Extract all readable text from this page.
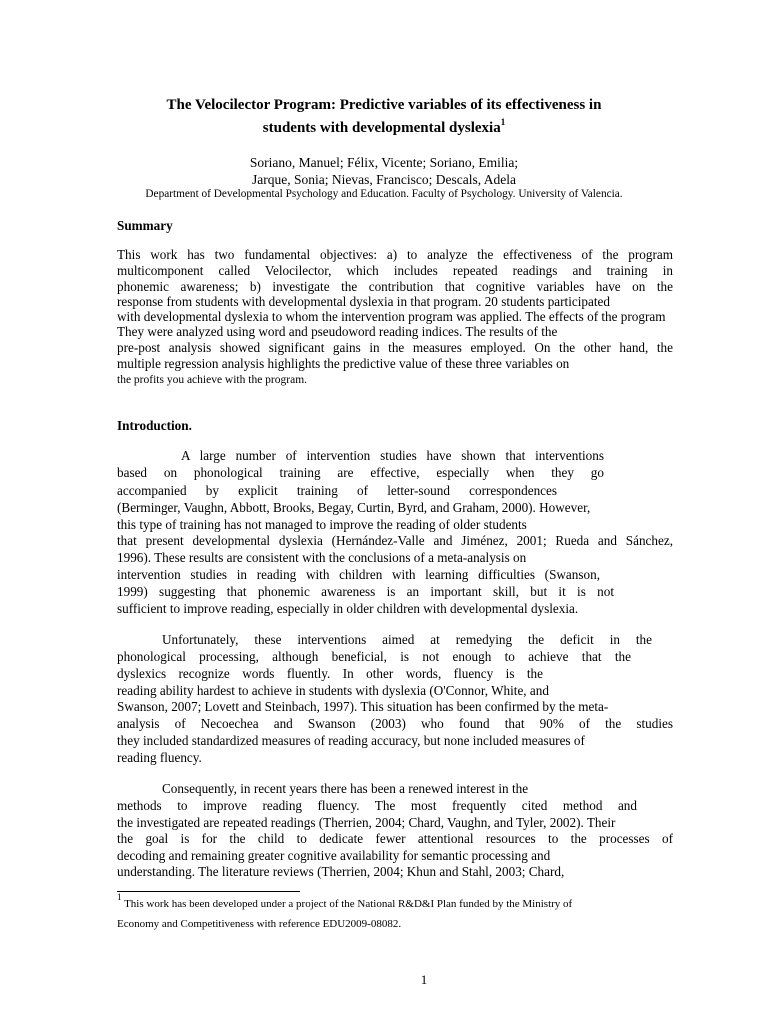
The Velocilector Program: Predictive variables of its effectiveness in
students with developmental dyslexia$^1$
Soriano, Manuel; Félix, Vicente; Soriano, Emilia;
Jarque, Sonia; Nievas, Francisco; Descals, Adela
Department of Developmental Psychology and Education. Faculty of Psychology. University of Valencia.
Summary
This work has two fundamental objectives: a) to analyze the effectiveness of the program
multicomponent called Velocilector, which includes repeated readings and training in
phonemic awareness; b) investigate the contribution that cognitive variables have on the
response from students with developmental dyslexia in that program. 20 students participated
with developmental dyslexia to whom the intervention program was applied. The effects of the program
They were analyzed using word and pseudoword reading indices. The results of the
pre-post analysis showed significant gains in the measures employed. On the other hand, the
multiple regression analysis highlights the predictive value of these three variables on
the profits you achieve with the program.
Introduction.
A large number of intervention studies have shown that interventions
based on phonological training are effective, especially when they go
accompanied by explicit training of letter-sound correspondences
(Berminger, Vaughn, Abbott, Brooks, Begay, Curtin, Byrd, and Graham, 2000). However,
this type of training has not managed to improve the reading of older students
that present developmental dyslexia (Hernández-Valle and Jiménez, 2001; Rueda and Sánchez,
1996). These results are consistent with the conclusions of a meta-analysis on
intervention studies in reading with children with learning difficulties (Swanson,
1999) suggesting that phonemic awareness is an important skill, but it is not
sufficient to improve reading, especially in older children with developmental dyslexia.
Unfortunately, these interventions aimed at remedying the deficit in the
phonological processing, although beneficial, is not enough to achieve that the
dyslexics recognize words fluently. In other words, fluency is the
reading ability hardest to achieve in students with dyslexia (O'Connor, White, and
Swanson, 2007; Lovett and Steinbach, 1997). This situation has been confirmed by the meta-
analysis of Necoechea and Swanson (2003) who found that 90% of the studies
they included standardized measures of reading accuracy, but none included measures of
reading fluency.
Consequently, in recent years there has been a renewed interest in the
methods to improve reading fluency. The most frequently cited method and
the investigated are repeated readings (Therrien, 2004; Chard, Vaughn, and Tyler, 2002). Their
the goal is for the child to dedicate fewer attentional resources to the processes of
decoding and remaining greater cognitive availability for semantic processing and
understanding. The literature reviews (Therrien, 2004; Khun and Stahl, 2003; Chard,
$^1$ This work has been developed under a project of the National R&D&I Plan funded by the Ministry of
Economy and Competitiveness with reference EDU2009-08082.
1
